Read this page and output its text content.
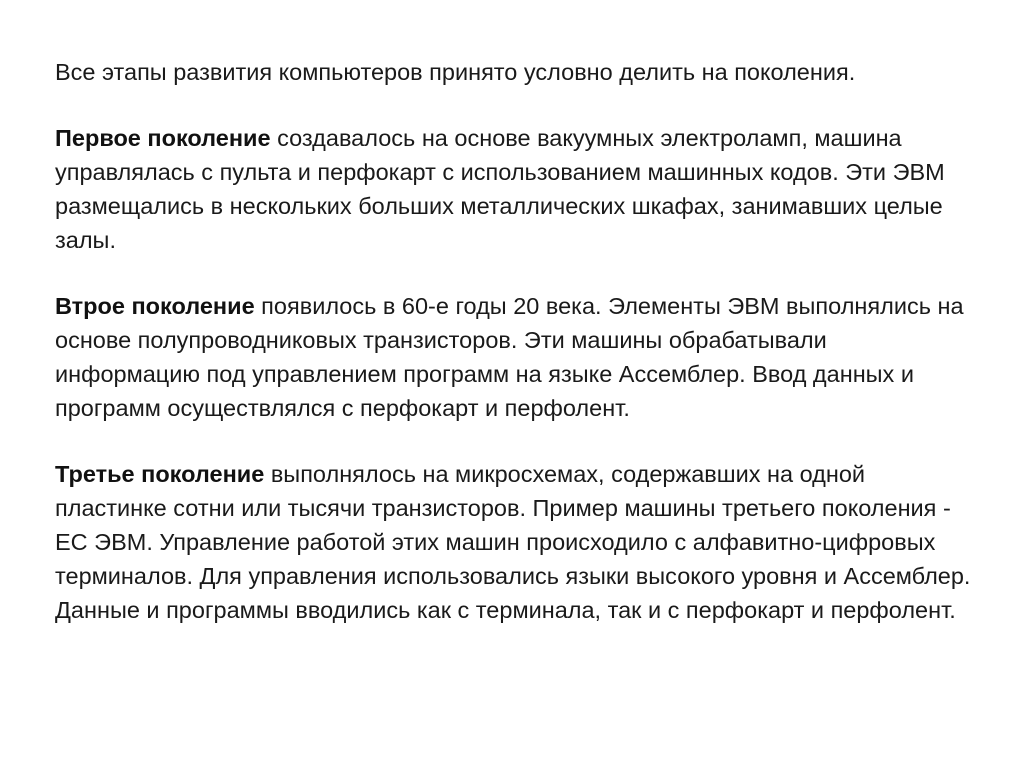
Все этапы развития компьютеров принято условно делить на поколения.

Первое поколение создавалось на основе вакуумных электроламп, машина управлялась с пульта и перфокарт с использованием машинных кодов. Эти ЭВМ размещались в нескольких больших металлических шкафах, занимавших целые залы.

Втрое поколение появилось в 60-е годы 20 века. Элементы ЭВМ выполнялись на основе полупроводниковых транзисторов. Эти машины обрабатывали информацию под управлением программ на языке Ассемблер. Ввод данных и программ осуществлялся с перфокарт и перфолент.

Третье поколение выполнялось на микросхемах, содержавших на одной пластинке сотни или тысячи транзисторов. Пример машины третьего поколения - ЕС ЭВМ. Управление работой этих машин происходило с алфавитно-цифровых терминалов. Для управления использовались языки высокого уровня и Ассемблер. Данные и программы вводились как с терминала, так и с перфокарт и перфолент.
